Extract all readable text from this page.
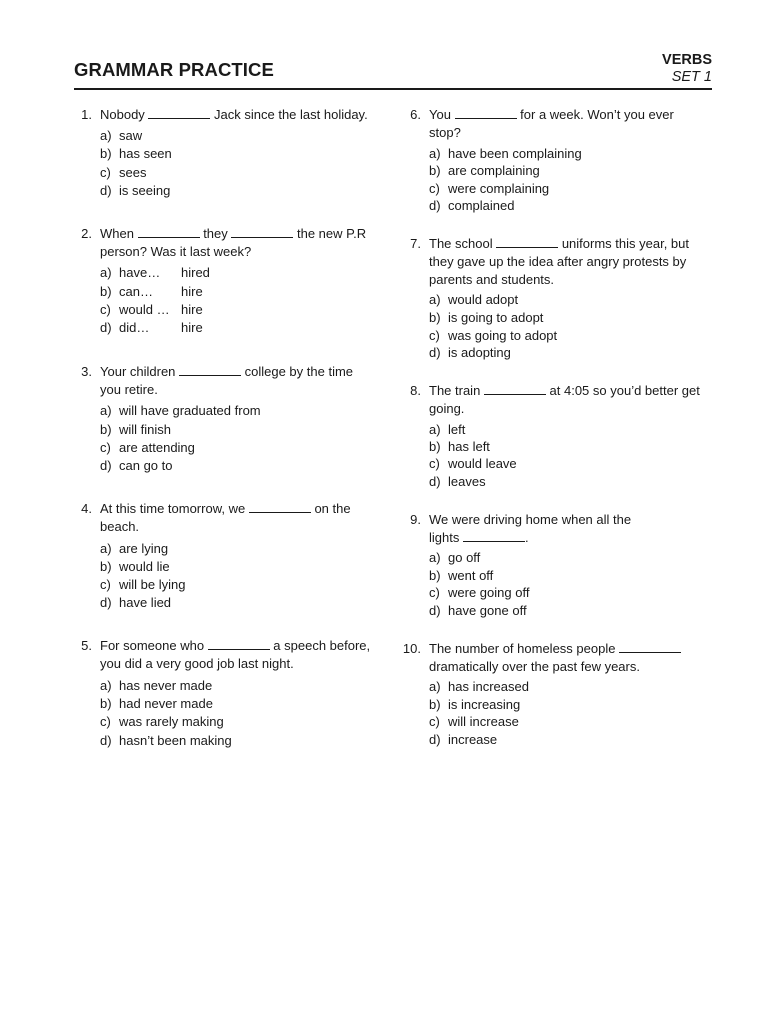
GRAMMAR PRACTICE	VERBS
SET 1
1. Nobody	Jack since the last holiday.
a) saw
b) has seen
c) sees
d) is seeing
2. When	they	the new P.R
person? Was it last week?
a) have… hired
b) can… hire
c) would … hire
d) did… hire
3. Your children	college by the time
you retire.
a) will have graduated from
b) will finish
c) are attending
d) can go to
4. At this time tomorrow, we	on the
beach.
a) are lying
b) would lie
c) will be lying
d) have lied
5. For someone who	a speech before,
you did a very good job last night.
a) has never made
b) had never made
c) was rarely making
d) hasn’t been making
6. You	for a week. Won’t you ever
stop?
a) have been complaining
b) are complaining
c) were complaining
d) complained
7. The school	uniforms this year, but
they gave up the idea after angry protests by
parents and students.
a) would adopt
b) is going to adopt
c) was going to adopt
d) is adopting
8. The train	at 4:05 so you’d better get
going.
a) left
b) has left
c) would leave
d) leaves
9. We were driving home when all the
lights	.
a) go off
b) went off
c) were going off
d) have gone off
10. The number of homeless people
dramatically over the past few years.
a) has increased
b) is increasing
c) will increase
d) increase
